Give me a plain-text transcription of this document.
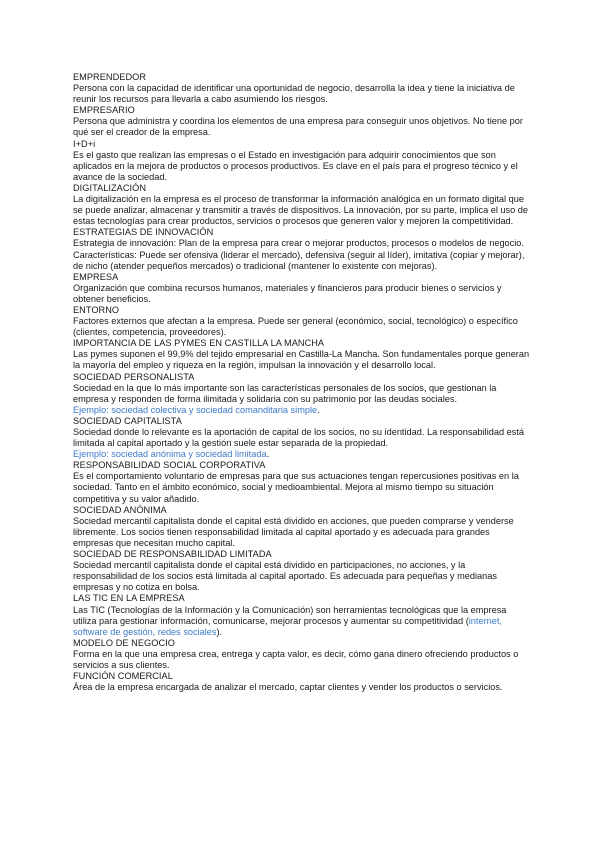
EMPRENDEDOR

Persona con la capacidad de identificar una oportunidad de negocio, desarrolla la idea y tiene la iniciativa de reunir los recursos para llevarla a cabo asumiendo los riesgos.

EMPRESARIO

Persona que administra y coordina los elementos de una empresa para conseguir unos objetivos. No tiene por qué ser el creador de la empresa.

I+D+i

Es el gasto que realizan las empresas o el Estado en investigación para adquirir conocimientos que son aplicados en la mejora de productos o procesos productivos. Es clave en el país para el progreso técnico y el avance de la sociedad.

DIGITALIZACIÓN

La digitalización en la empresa es el proceso de transformar la información analógica en un formato digital que se puede analizar, almacenar y transmitir a través de dispositivos. La innovación, por su parte, implica el uso de estas tecnologías para crear productos, servicios o procesos que generen valor y mejoren la competitividad.

ESTRATEGIAS DE INNOVACIÓN

Estrategia de innovación: Plan de la empresa para crear o mejorar productos, procesos o modelos de negocio.

Características: Puede ser ofensiva (liderar el mercado), defensiva (seguir al líder), imitativa (copiar y mejorar), de nicho (atender pequeños mercados) o tradicional (mantener lo existente con mejoras).

EMPRESA

Organización que combina recursos humanos, materiales y financieros para producir bienes o servicios y obtener beneficios.

ENTORNO

Factores externos que afectan a la empresa. Puede ser general (económico, social, tecnológico) o específico (clientes, competencia, proveedores).

IMPORTANCIA DE LAS PYMES EN CASTILLA LA MANCHA

Las pymes suponen el 99,9% del tejido empresarial en Castilla-La Mancha. Son fundamentales porque generan la mayoría del empleo y riqueza en la región, impulsan la innovación y el desarrollo local.

SOCIEDAD PERSONALISTA

Sociedad en la que lo más importante son las características personales de los socios, que gestionan la empresa y responden de forma ilimitada y solidaria con su patrimonio por las deudas sociales.

Ejemplo: sociedad colectiva y sociedad comanditaria simple.

SOCIEDAD CAPITALISTA

Sociedad donde lo relevante es la aportación de capital de los socios, no su identidad. La responsabilidad está limitada al capital aportado y la gestión suele estar separada de la propiedad.

Ejemplo: sociedad anónima y sociedad limitada.

RESPONSABILIDAD SOCIAL CORPORATIVA

Es el comportamiento voluntario de empresas para que sus actuaciones tengan repercusiones positivas en la sociedad. Tanto en el ámbito económico, social y medioambiental. Mejora al mismo tiempo su situación competitiva y su valor añadido.

SOCIEDAD ANÓNIMA

Sociedad mercantil capitalista donde el capital está dividido en acciones, que pueden comprarse y venderse libremente. Los socios tienen responsabilidad limitada al capital aportado y es adecuada para grandes empresas que necesitan mucho capital.

SOCIEDAD DE RESPONSABILIDAD LIMITADA

Sociedad mercantil capitalista donde el capital está dividido en participaciones, no acciones, y la responsabilidad de los socios está limitada al capital aportado. Es adecuada para pequeñas y medianas empresas y no cotiza en bolsa.

LAS TIC EN LA EMPRESA

Las TIC (Tecnologías de la Información y la Comunicación) son herramientas tecnológicas que la empresa utiliza para gestionar información, comunicarse, mejorar procesos y aumentar su competitividad (internet, software de gestión, redes sociales).

MODELO DE NEGOCIO

Forma en la que una empresa crea, entrega y capta valor, es decir, cómo gana dinero ofreciendo productos o servicios a sus clientes.

FUNCIÓN COMERCIAL

Área de la empresa encargada de analizar el mercado, captar clientes y vender los productos o servicios.
